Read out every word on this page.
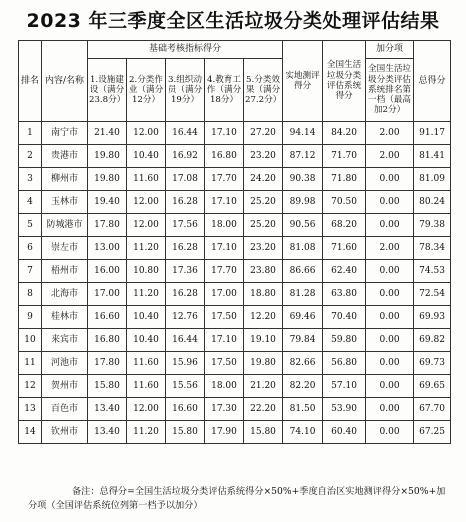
2023 年三季度全区生活垃圾分类处理评估结果
排名	内容/名称	基础考核指标得分					实地测评得分	全国生活垃圾分类评估系统得分	加分项	总得分
		1.设施建设（满分23.8分）	2.分类作业（满分12分）	3.组织动员（满分19分）	4.教育工作（满分18分）	5.分类效果（满分27.2分）			全国生活垃圾分类评估系统排名第一档（最高加2分）	
1	南宁市	21.40	12.00	16.44	17.10	27.20	94.14	84.20	2.00	91.17
2	贵港市	19.80	10.40	16.92	16.80	23.20	87.12	71.70	2.00	81.41
3	柳州市	19.80	11.60	17.08	17.70	24.20	90.38	71.80	0.00	81.09
4	玉林市	19.40	12.00	16.28	17.10	25.20	89.98	70.50	0.00	80.24
5	防城港市	17.80	12.00	17.56	18.00	25.20	90.56	68.20	0.00	79.38
6	崇左市	13.00	11.20	16.28	17.10	23.20	81.08	71.60	2.00	78.34
7	梧州市	16.00	10.80	17.36	17.70	23.80	86.66	62.40	0.00	74.53
8	北海市	17.00	11.20	16.28	17.00	18.80	81.28	63.80	0.00	72.54
9	桂林市	16.60	10.40	12.76	17.50	12.20	69.46	70.40	0.00	69.93
10	来宾市	16.80	10.40	16.44	17.10	19.10	79.84	59.80	0.00	69.82
11	河池市	17.80	11.60	15.96	17.50	19.80	82.66	56.80	0.00	69.73
12	贺州市	15.80	11.60	15.56	18.00	21.20	82.20	57.10	0.00	69.65
13	百色市	13.40	12.00	16.60	17.30	22.20	81.50	53.90	0.00	67.70
14	钦州市	13.40	11.20	15.80	17.90	15.80	74.10	60.40	0.00	67.25
备注：总得分=全国生活垃圾分类评估系统得分×50%+季度自治区实地测评得分×50%+加分项（全国评估系统位列第一档予以加分）
